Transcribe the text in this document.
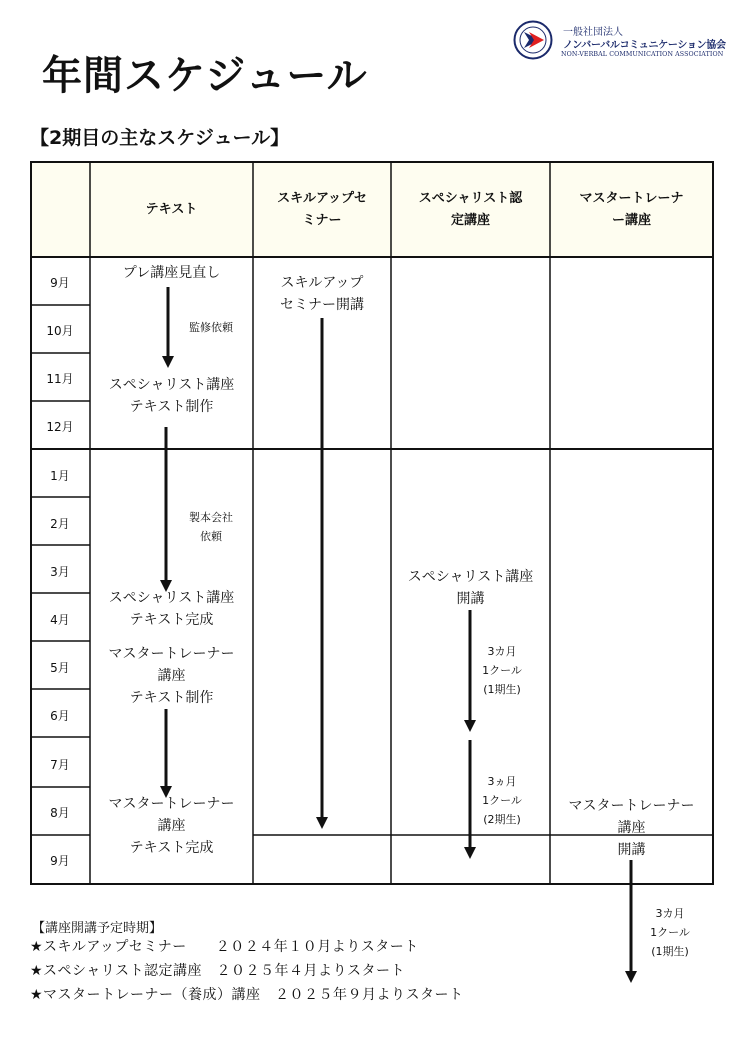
年間スケジュール
【2期目の主なスケジュール】
一般社団法人
ノンバーバルコミュニケーション協会
NON-VERBAL COMMUNICATION ASSOCIATION
テキスト
スキルアップセ
ミナー
スペシャリスト認
定講座
マスタートレーナ
ー講座
9月
10月
11月
12月
1月
2月
3月
4月
5月
6月
7月
8月
9月
プレ講座見直し
監修依頼
スペシャリスト講座
テキスト制作
製本会社
依頼
スペシャリスト講座
テキスト完成
マスタートレーナー
講座
テキスト制作
マスタートレーナー
講座
テキスト完成
スキルアップ
セミナー開講
スペシャリスト講座
開講
3カ月
1クール
(1期生)
3ヵ月
1クール
(2期生)
マスタートレーナー
講座
開講
3カ月
1クール
(1期生)
【講座開講予定時期】
★スキルアップセミナー　　２０２４年１０月よりスタート
★スペシャリスト認定講座　２０２５年４月よりスタート
★マスタートレーナー（養成）講座　２０２５年９月よりスタート
